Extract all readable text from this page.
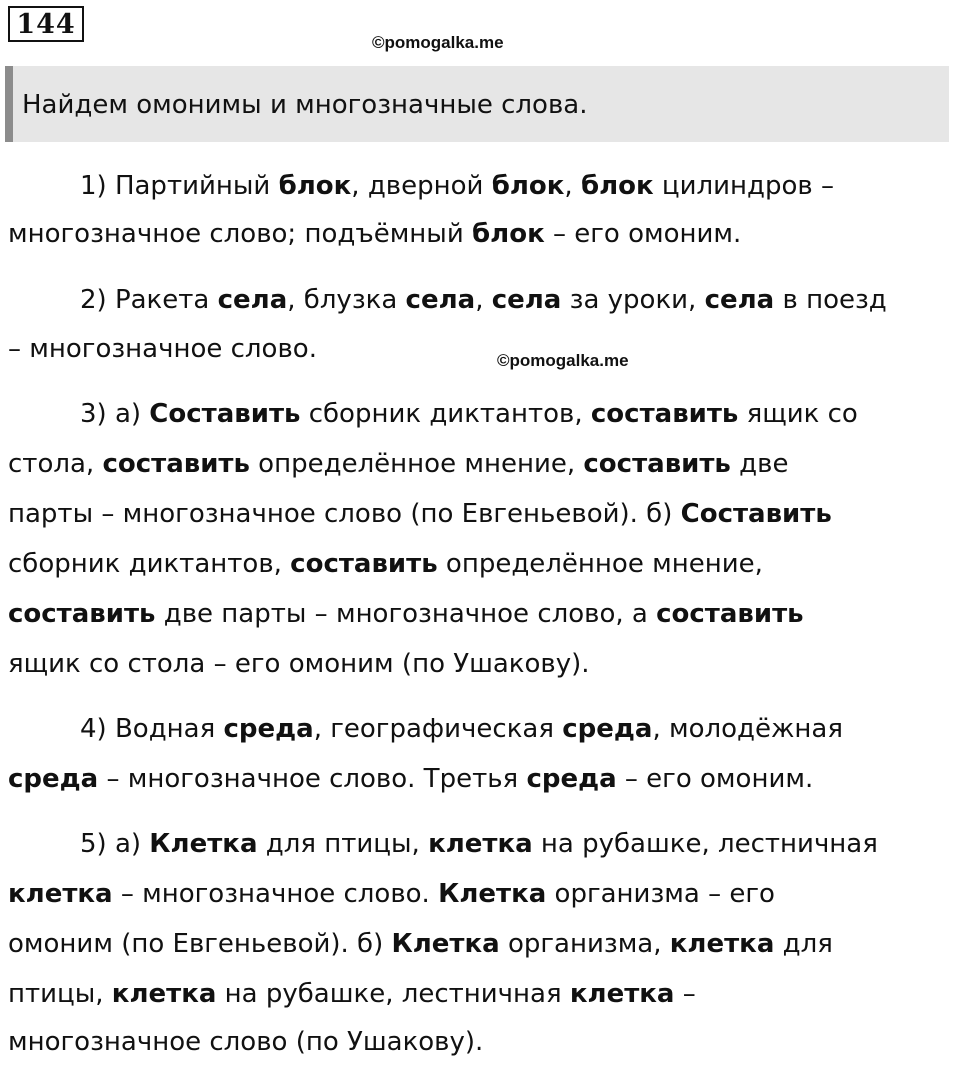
144
©pomogalka.me
Найдем омонимы и многозначные слова.
1) Партийный блок, дверной блок, блок цилиндров –
многозначное слово; подъёмный блок – его омоним.
2) Ракета села, блузка села, села за уроки, села в поезд
– многозначное слово.
3) а) Составить сборник диктантов, составить ящик со
стола, составить определённое мнение, составить две
парты – многозначное слово (по Евгеньевой). б) Составить
сборник диктантов, составить определённое мнение,
составить две парты – многозначное слово, а составить
ящик со стола – его омоним (по Ушакову).
4) Водная среда, географическая среда, молодёжная
среда – многозначное слово. Третья среда – его омоним.
5) а) Клетка для птицы, клетка на рубашке, лестничная
клетка – многозначное слово. Клетка организма – его
омоним (по Евгеньевой). б) Клетка организма, клетка для
птицы, клетка на рубашке, лестничная клетка –
многозначное слово (по Ушакову).
©pomogalka.me
